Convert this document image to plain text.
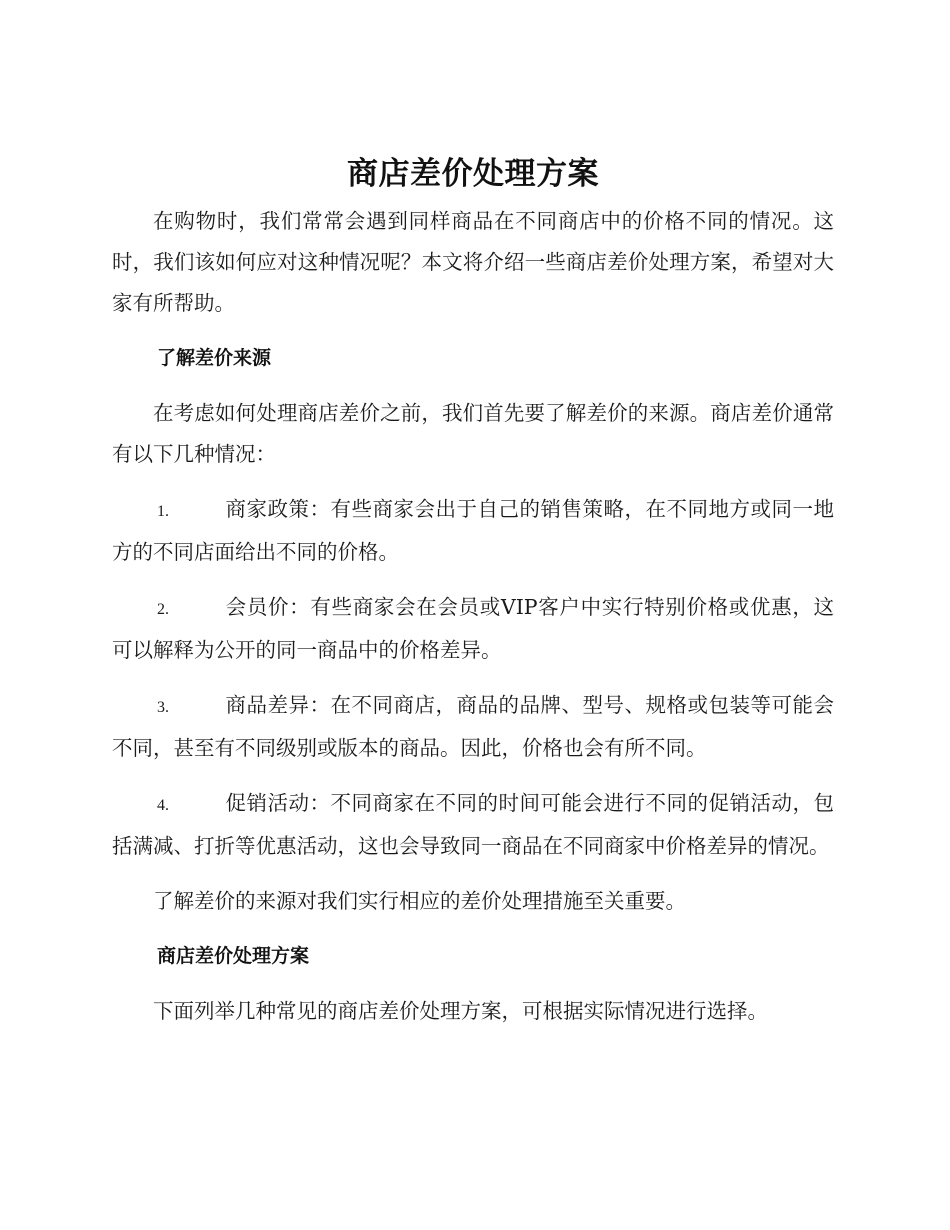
商店差价处理方案

在购物时，我们常常会遇到同样商品在不同商店中的价格不同的情况。这时，我们该如何应对这种情况呢？本文将介绍一些商店差价处理方案，希望对大家有所帮助。

了解差价来源

在考虑如何处理商店差价之前，我们首先要了解差价的来源。商店差价通常有以下几种情况：

1.	商家政策：有些商家会出于自己的销售策略，在不同地方或同一地方的不同店面给出不同的价格。

2.	会员价：有些商家会在会员或VIP客户中实行特别价格或优惠，这可以解释为公开的同一商品中的价格差异。

3.	商品差异：在不同商店，商品的品牌、型号、规格或包装等可能会不同，甚至有不同级别或版本的商品。因此，价格也会有所不同。

4.	促销活动：不同商家在不同的时间可能会进行不同的促销活动，包括满减、打折等优惠活动，这也会导致同一商品在不同商家中价格差异的情况。

了解差价的来源对我们实行相应的差价处理措施至关重要。

商店差价处理方案

下面列举几种常见的商店差价处理方案，可根据实际情况进行选择。
